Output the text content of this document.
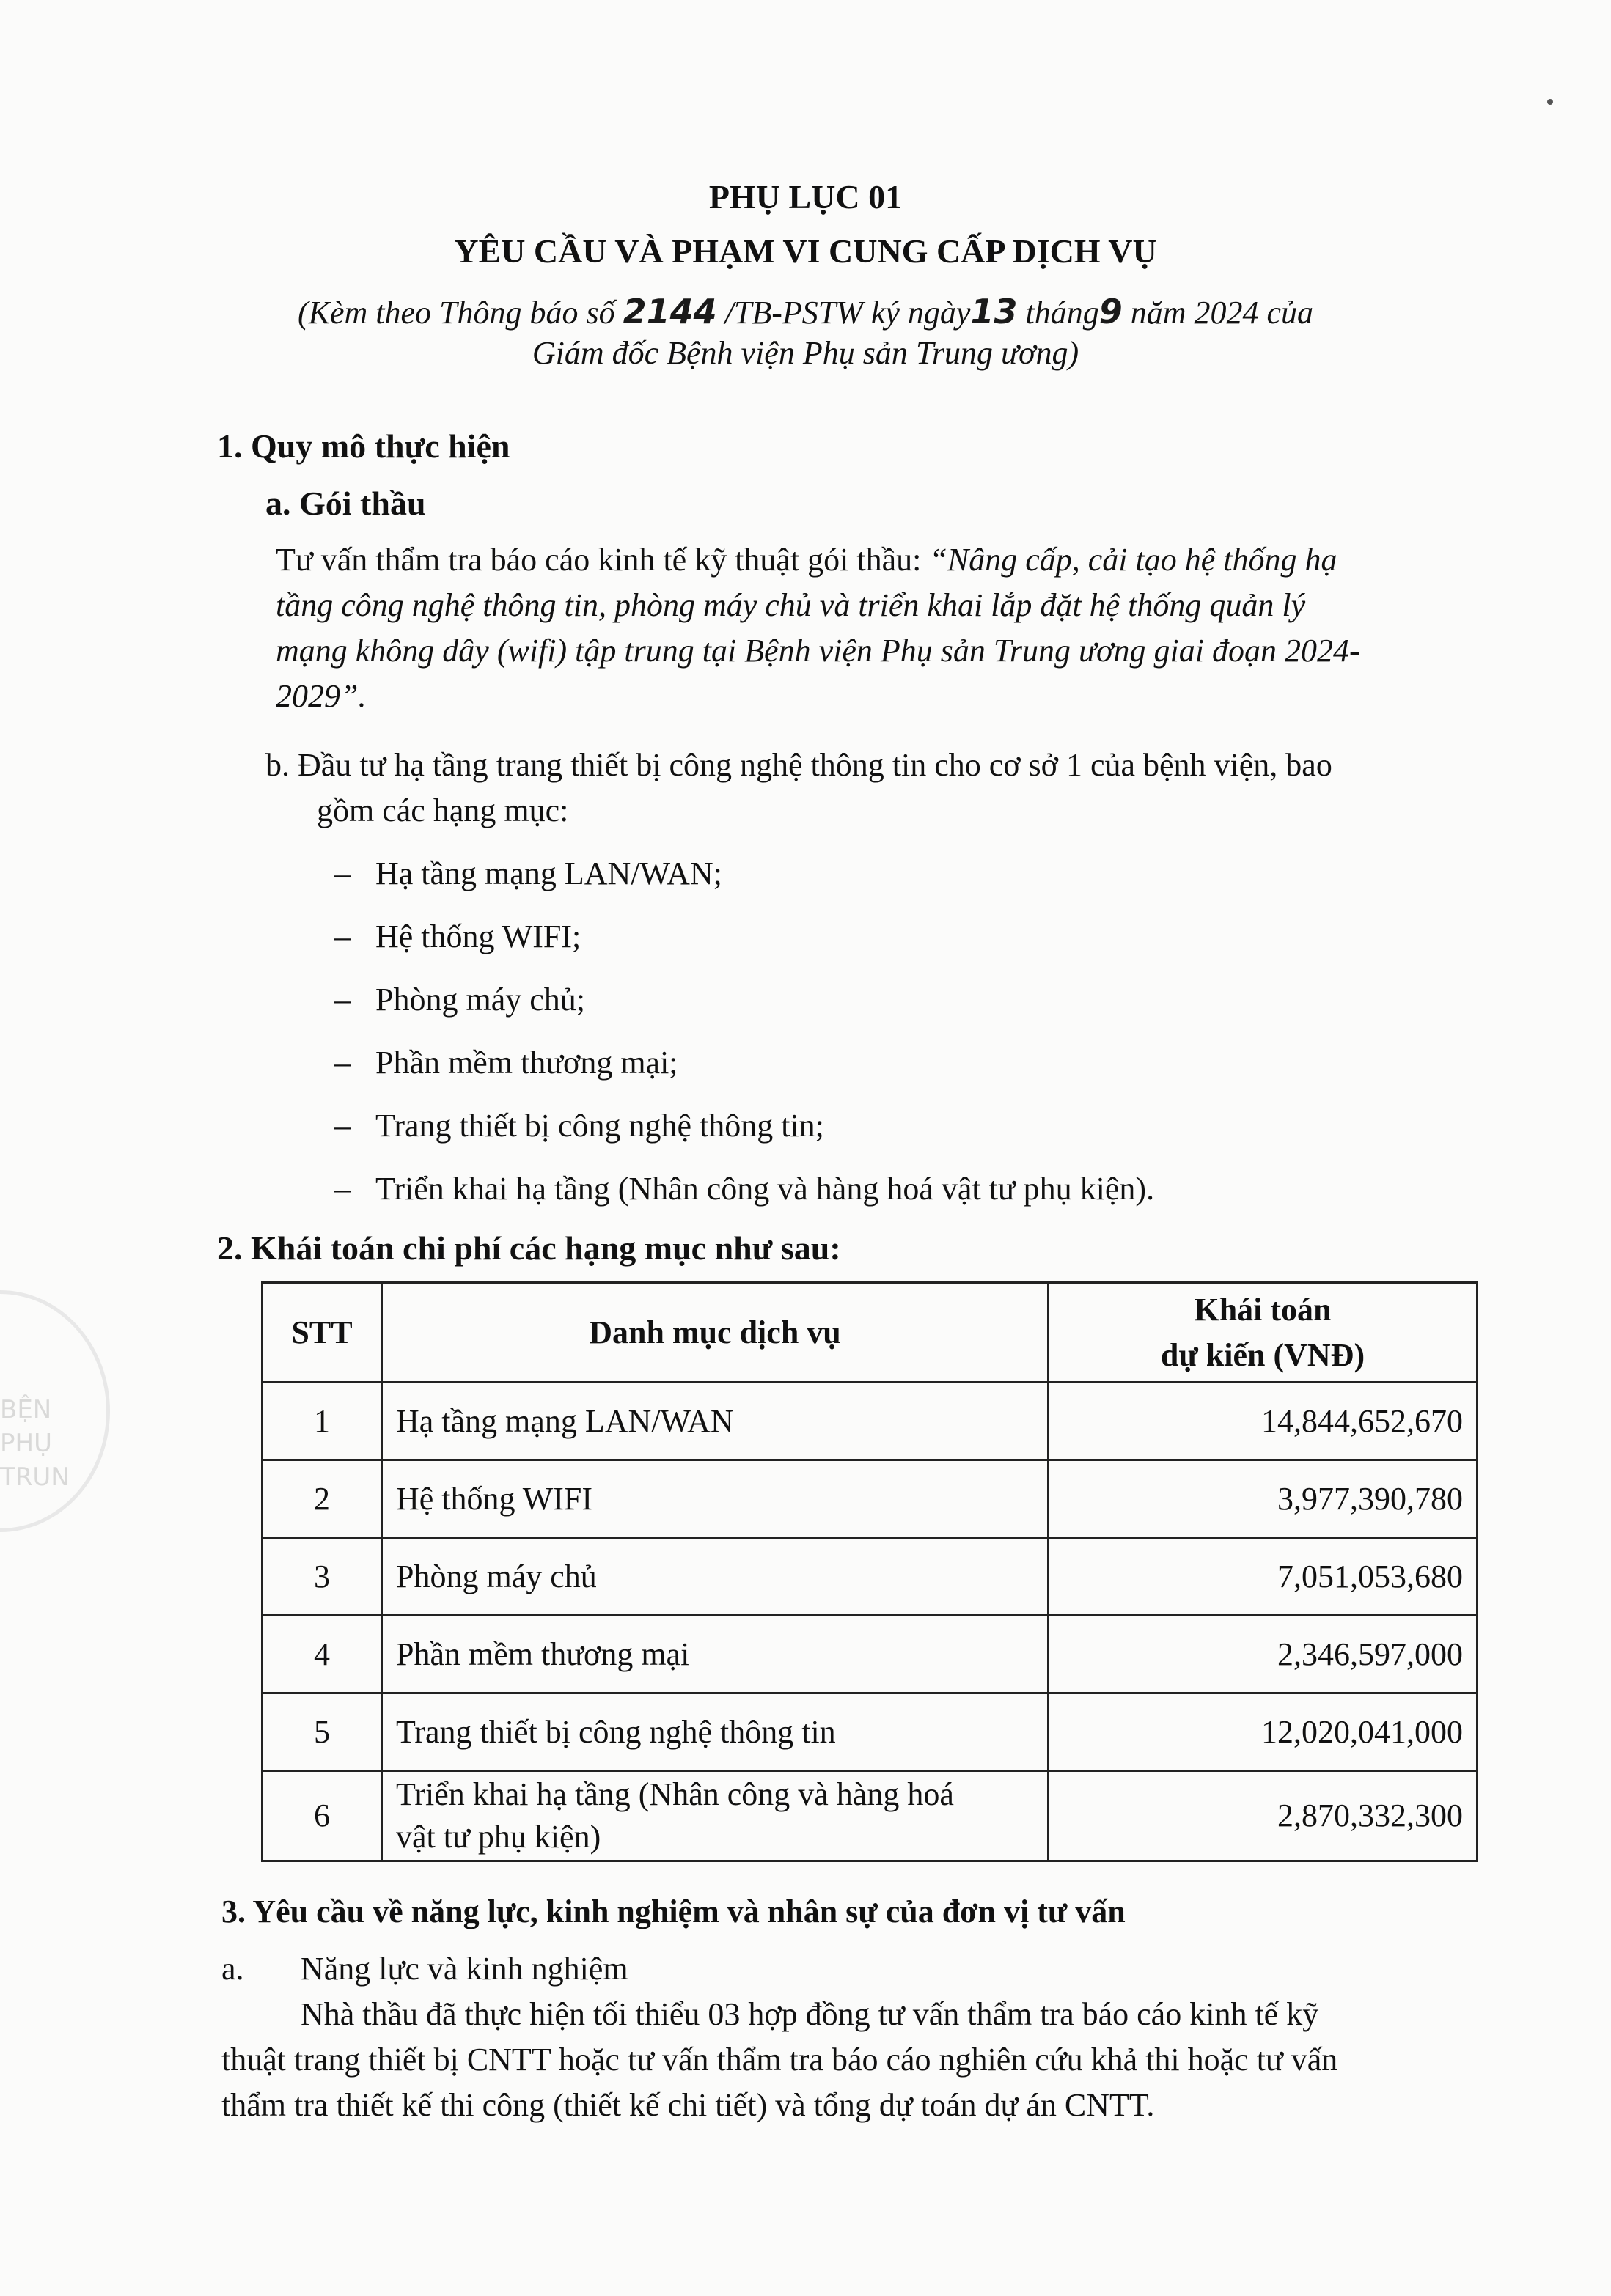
BỆN
PHỤ
TRUN
PHỤ LỤC 01
YÊU CẦU VÀ PHẠM VI CUNG CẤP DỊCH VỤ
(Kèm theo Thông báo số 2144 /TB-PSTW ký ngày13 tháng9 năm 2024 của
Giám đốc Bệnh viện Phụ sản Trung ương)
1. Quy mô thực hiện
a. Gói thầu
Tư vấn thẩm tra báo cáo kinh tế kỹ thuật gói thầu: “Nâng cấp, cải tạo hệ thống hạ
tầng công nghệ thông tin, phòng máy chủ và triển khai lắp đặt hệ thống quản lý
mạng không dây (wifi) tập trung tại Bệnh viện Phụ sản Trung ương giai đoạn 2024-
2029”.
b. Đầu tư hạ tầng trang thiết bị công nghệ thông tin cho cơ sở 1 của bệnh viện, bao
gồm các hạng mục:
– Hạ tầng mạng LAN/WAN;
– Hệ thống WIFI;
– Phòng máy chủ;
– Phần mềm thương mại;
– Trang thiết bị công nghệ thông tin;
– Triển khai hạ tầng (Nhân công và hàng hoá vật tư phụ kiện).
2. Khái toán chi phí các hạng mục như sau:
STT	Danh mục dịch vụ	Khái toán
dự kiến (VNĐ)
1	Hạ tầng mạng LAN/WAN	14,844,652,670
2	Hệ thống WIFI	3,977,390,780
3	Phòng máy chủ	7,051,053,680
4	Phần mềm thương mại	2,346,597,000
5	Trang thiết bị công nghệ thông tin	12,020,041,000
6	Triển khai hạ tầng (Nhân công và hàng hoá
vật tư phụ kiện)	2,870,332,300
3. Yêu cầu về năng lực, kinh nghiệm và nhân sự của đơn vị tư vấn
a. Năng lực và kinh nghiệm
Nhà thầu đã thực hiện tối thiểu 03 hợp đồng tư vấn thẩm tra báo cáo kinh tế kỹ
thuật trang thiết bị CNTT hoặc tư vấn thẩm tra báo cáo nghiên cứu khả thi hoặc tư vấn
thẩm tra thiết kế thi công (thiết kế chi tiết) và tổng dự toán dự án CNTT.
